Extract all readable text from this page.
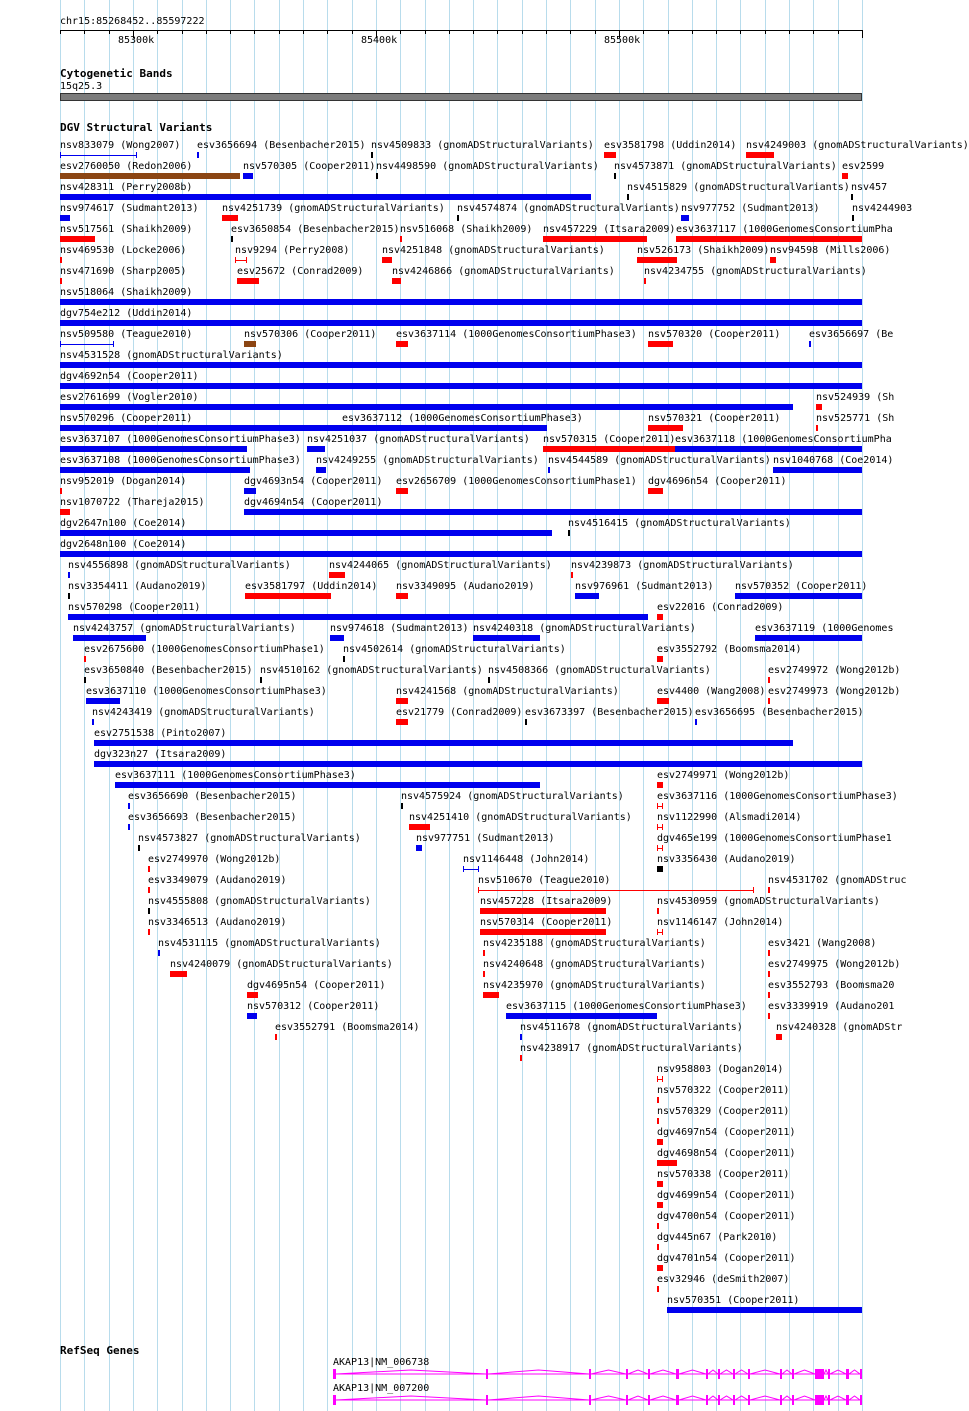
chr15:85268452..85597222
85300k	85400k	85500k
Cytogenetic Bands
15q25.3
DGV Structural Variants
nsv833079 (Wong2007) esv3656694 (Besenbacher2015) nsv4509833 (gnomADStructuralVariants) esv3581798 (Uddin2014) nsv4249003 (gnomADStructuralVariants)
esv2760050 (Redon2006)	nsv570305 (Cooper2011) nsv4498590 (gnomADStructuralVariants) nsv4573871 (gnomADStructuralVariants) esv2599
nsv428311 (Perry2008b)	nsv4515829 (gnomADStructuralVariants) nsv457
nsv974617 (Sudmant2013) nsv4251739 (gnomADStructuralVariants) nsv4574874 (gnomADStructuralVariants) nsv977752 (Sudmant2013)	nsv4244903
nsv517561 (Shaikh2009)	esv3650854 (Besenbacher2015) nsv516068 (Shaikh2009) nsv457229 (Itsara2009) esv3637117 (1000GenomesConsortiumPha
nsv469530 (Locke2006)	nsv9294 (Perry2008)	nsv4251848 (gnomADStructuralVariants)	nsv526173 (Shaikh2009) nsv94598 (Mills2006)
nsv471690 (Sharp2005)	esv25672 (Conrad2009)	nsv4246866 (gnomADStructuralVariants)	nsv4234755 (gnomADStructuralVariants)
nsv518064 (Shaikh2009)
dgv754e212 (Uddin2014)
nsv509580 (Teague2010)	nsv570306 (Cooper2011) esv3637114 (1000GenomesConsortiumPhase3) nsv570320 (Cooper2011)	esv3656697 (Be
nsv4531528 (gnomADStructuralVariants)
dgv4692n54 (Cooper2011)
esv2761699 (Vogler2010)	nsv524939 (Sh
nsv570296 (Cooper2011)	esv3637112 (1000GenomesConsortiumPhase3)	nsv570321 (Cooper2011)	nsv525771 (Sh
esv3637107 (1000GenomesConsortiumPhase3) nsv4251037 (gnomADStructuralVariants) nsv570315 (Cooper2011) esv3637118 (1000GenomesConsortiumPha
esv3637108 (1000GenomesConsortiumPhase3) nsv4249255 (gnomADStructuralVariants) nsv4544589 (gnomADStructuralVariants) nsv1040768 (Coe2014)
nsv952019 (Dogan2014)	dgv4693n54 (Cooper2011) esv2656709 (1000GenomesConsortiumPhase1) dgv4696n54 (Cooper2011)
nsv1070722 (Thareja2015)	dgv4694n54 (Cooper2011)
dgv2647n100 (Coe2014)	nsv4516415 (gnomADStructuralVariants)
dgv2648n100 (Coe2014)
nsv4556898 (gnomADStructuralVariants)	nsv4244065 (gnomADStructuralVariants) nsv4239873 (gnomADStructuralVariants)
nsv3354411 (Audano2019)	esv3581797 (Uddin2014) nsv3349095 (Audano2019)	nsv976961 (Sudmant2013) nsv570352 (Cooper2011)
nsv570298 (Cooper2011)	esv22016 (Conrad2009)
nsv4243757 (gnomADStructuralVariants)	nsv974618 (Sudmant2013) nsv4240318 (gnomADStructuralVariants)	esv3637119 (1000Genomes
esv2675600 (1000GenomesConsortiumPhase1) nsv4502614 (gnomADStructuralVariants)	esv3552792 (Boomsma2014)
esv3650840 (Besenbacher2015) nsv4510162 (gnomADStructuralVariants) nsv4508366 (gnomADStructuralVariants)	esv2749972 (Wong2012b)
esv3637110 (1000GenomesConsortiumPhase3)	nsv4241568 (gnomADStructuralVariants)	esv4400 (Wang2008) esv2749973 (Wong2012b)
nsv4243419 (gnomADStructuralVariants)	esv21779 (Conrad2009) esv3673397 (Besenbacher2015) esv3656695 (Besenbacher2015)
esv2751538 (Pinto2007)
dgv323n27 (Itsara2009)
esv3637111 (1000GenomesConsortiumPhase3)	esv2749971 (Wong2012b)
esv3656690 (Besenbacher2015)	nsv4575924 (gnomADStructuralVariants)	esv3637116 (1000GenomesConsortiumPhase3)
esv3656693 (Besenbacher2015)	nsv4251410 (gnomADStructuralVariants)	nsv1122990 (Alsmadi2014)
nsv4573827 (gnomADStructuralVariants)	nsv977751 (Sudmant2013)	dgv465e199 (1000GenomesConsortiumPhase1
esv2749970 (Wong2012b)	nsv1146448 (John2014)	nsv3356430 (Audano2019)
esv3349079 (Audano2019)	nsv510670 (Teague2010)	nsv4531702 (gnomADStruc
nsv4555808 (gnomADStructuralVariants)	nsv457228 (Itsara2009)	nsv4530959 (gnomADStructuralVariants)
nsv3346513 (Audano2019)	nsv570314 (Cooper2011)	nsv1146147 (John2014)
nsv4531115 (gnomADStructuralVariants)	nsv4235188 (gnomADStructuralVariants)	esv3421 (Wang2008)
nsv4240079 (gnomADStructuralVariants)	nsv4240648 (gnomADStructuralVariants)	esv2749975 (Wong2012b)
dgv4695n54 (Cooper2011)	nsv4235970 (gnomADStructuralVariants)	esv3552793 (Boomsma20
nsv570312 (Cooper2011)	esv3637115 (1000GenomesConsortiumPhase3) esv3339919 (Audano201
esv3552791 (Boomsma2014)	nsv4511678 (gnomADStructuralVariants)	nsv4240328 (gnomADStr
nsv4238917 (gnomADStructuralVariants)
nsv958803 (Dogan2014)
nsv570322 (Cooper2011)
nsv570329 (Cooper2011)
dgv4697n54 (Cooper2011)
dgv4698n54 (Cooper2011)
nsv570338 (Cooper2011)
dgv4699n54 (Cooper2011)
dgv4700n54 (Cooper2011)
dgv445n67 (Park2010)
dgv4701n54 (Cooper2011)
esv32946 (deSmith2007)
nsv570351 (Cooper2011)
RefSeq Genes
AKAP13|NM_006738
AKAP13|NM_007200
